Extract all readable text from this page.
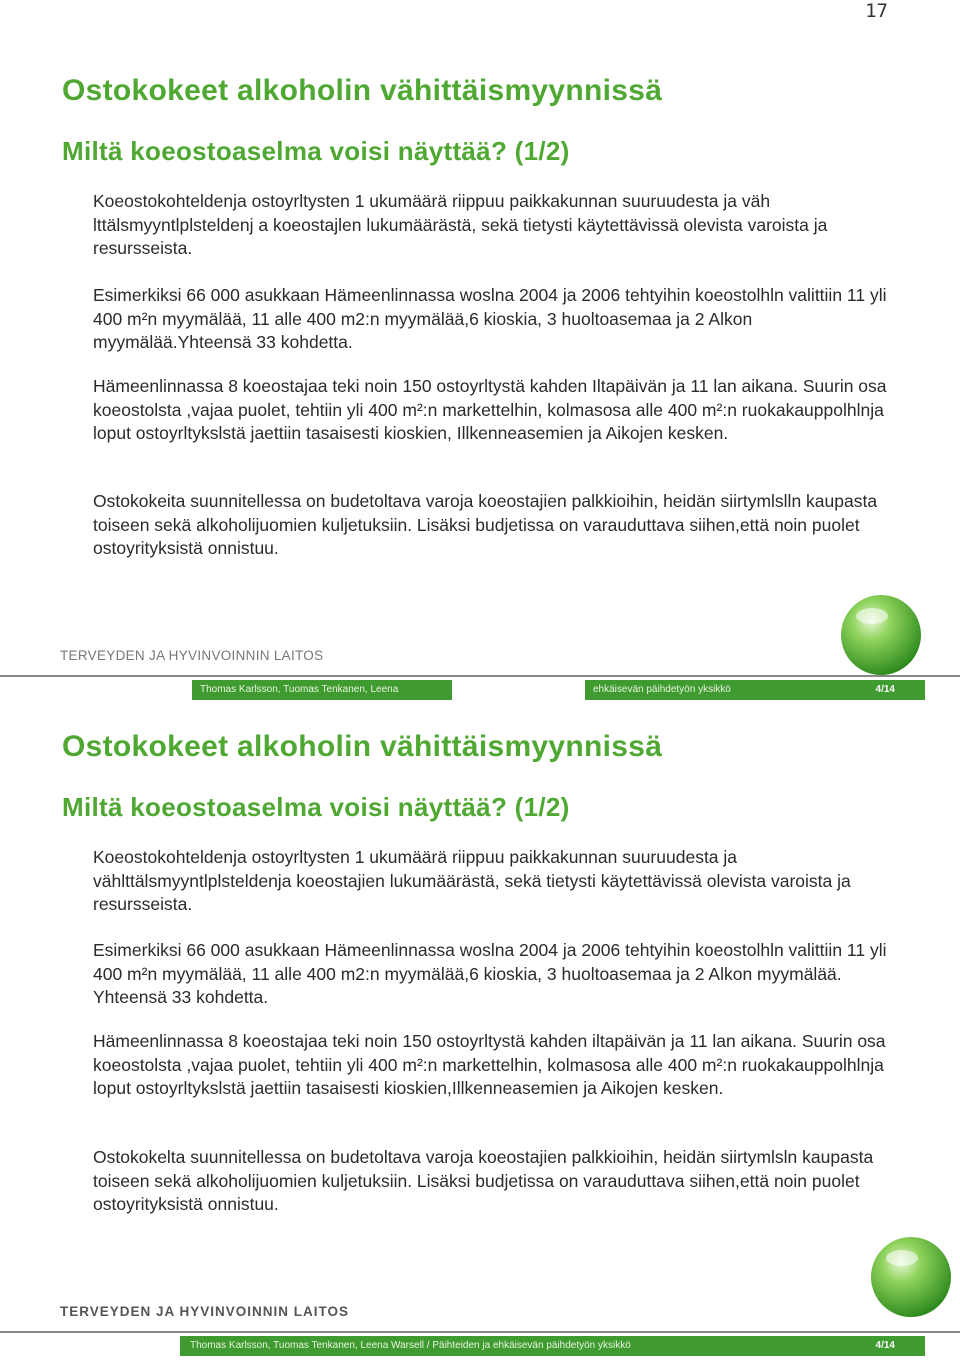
17
Ostokokeet alkoholin vähittäismyynnissä
Miltä koeostoaselma voisi näyttää? (1/2)

Koeostokohteldenja ostoyrltysten 1 ukumäärä riippuu paikkakunnan suuruudesta ja väh lttälsmyyntlplsteldenj a koeostajlen lukumäärästä, sekä tietysti käytettävissä olevista varoista ja resursseista.

Esimerkiksi 66 000 asukkaan Hämeenlinnassa woslna 2004 ja 2006 tehtyihin koeostolhln valittiin 11 yli 400 m²n myymälää, 11 alle 400 m2:n myymälää,6 kioskia, 3 huoltoasemaa ja 2 Alkon myymälää.Yhteensä 33 kohdetta.

Hämeenlinnassa 8 koeostajaa teki noin 150 ostoyrltystä kahden Iltapäivän ja 11 lan aikana. Suurin osa koeostolsta ,vajaa puolet, tehtiin yli 400 m²:n markettelhin, kolmasosa alle 400 m²:n ruokakauppolhlnja loput ostoyrltykslstä jaettiin tasaisesti kioskien, Illkenneasemien ja Aikojen kesken.

Ostokokeita suunnitellessa on budetoltava varoja koeostajien palkkioihin, heidän siirtymlslln kaupasta toiseen sekä alkoholijuomien kuljetuksiin. Lisäksi budjetissa on varauduttava siihen,että noin puolet ostoyrityksistä onnistuu.

TERVEYDEN JA HYVINVOINNIN LAITOS
Thomas Karlsson, Tuomas Tenkanen, Leena	ehkäisevän päihdetyön yksikkö	4/14
Ostokokeet alkoholin vähittäismyynnissä
Miltä koeostoaselma voisi näyttää? (1/2)

Koeostokohteldenja ostoyrltysten 1 ukumäärä riippuu paikkakunnan suuruudesta ja vählttälsmyyntlplsteldenja koeostajien lukumäärästä, sekä tietysti käytettävissä olevista varoista ja resursseista.

Esimerkiksi 66 000 asukkaan Hämeenlinnassa woslna 2004 ja 2006 tehtyihin koeostolhln valittiin 11 yli 400 m²n myymälää, 11 alle 400 m2:n myymälää,6 kioskia, 3 huoltoasemaa ja 2 Alkon myymälää. Yhteensä 33 kohdetta.

Hämeenlinnassa 8 koeostajaa teki noin 150 ostoyrltystä kahden iltapäivän ja 11 lan aikana. Suurin osa koeostolsta ,vajaa puolet, tehtiin yli 400 m²:n markettelhin, kolmasosa alle 400 m²:n ruokakauppolhlnja loput ostoyrltykslstä jaettiin tasaisesti kioskien,Illkenneasemien ja Aikojen kesken.

Ostokokelta suunnitellessa on budetoltava varoja koeostajien palkkioihin, heidän siirtymlsln kaupasta toiseen sekä alkoholijuomien kuljetuksiin. Lisäksi budjetissa on varauduttava siihen,että noin puolet ostoyrityksistä onnistuu.

TERVEYDEN JA HYVINVOINNIN LAITOS
Thomas Karlsson, Tuomas Tenkanen, Leena Warsell / Päihteiden ja ehkäisevän päihdetyön yksikkö	4/14
